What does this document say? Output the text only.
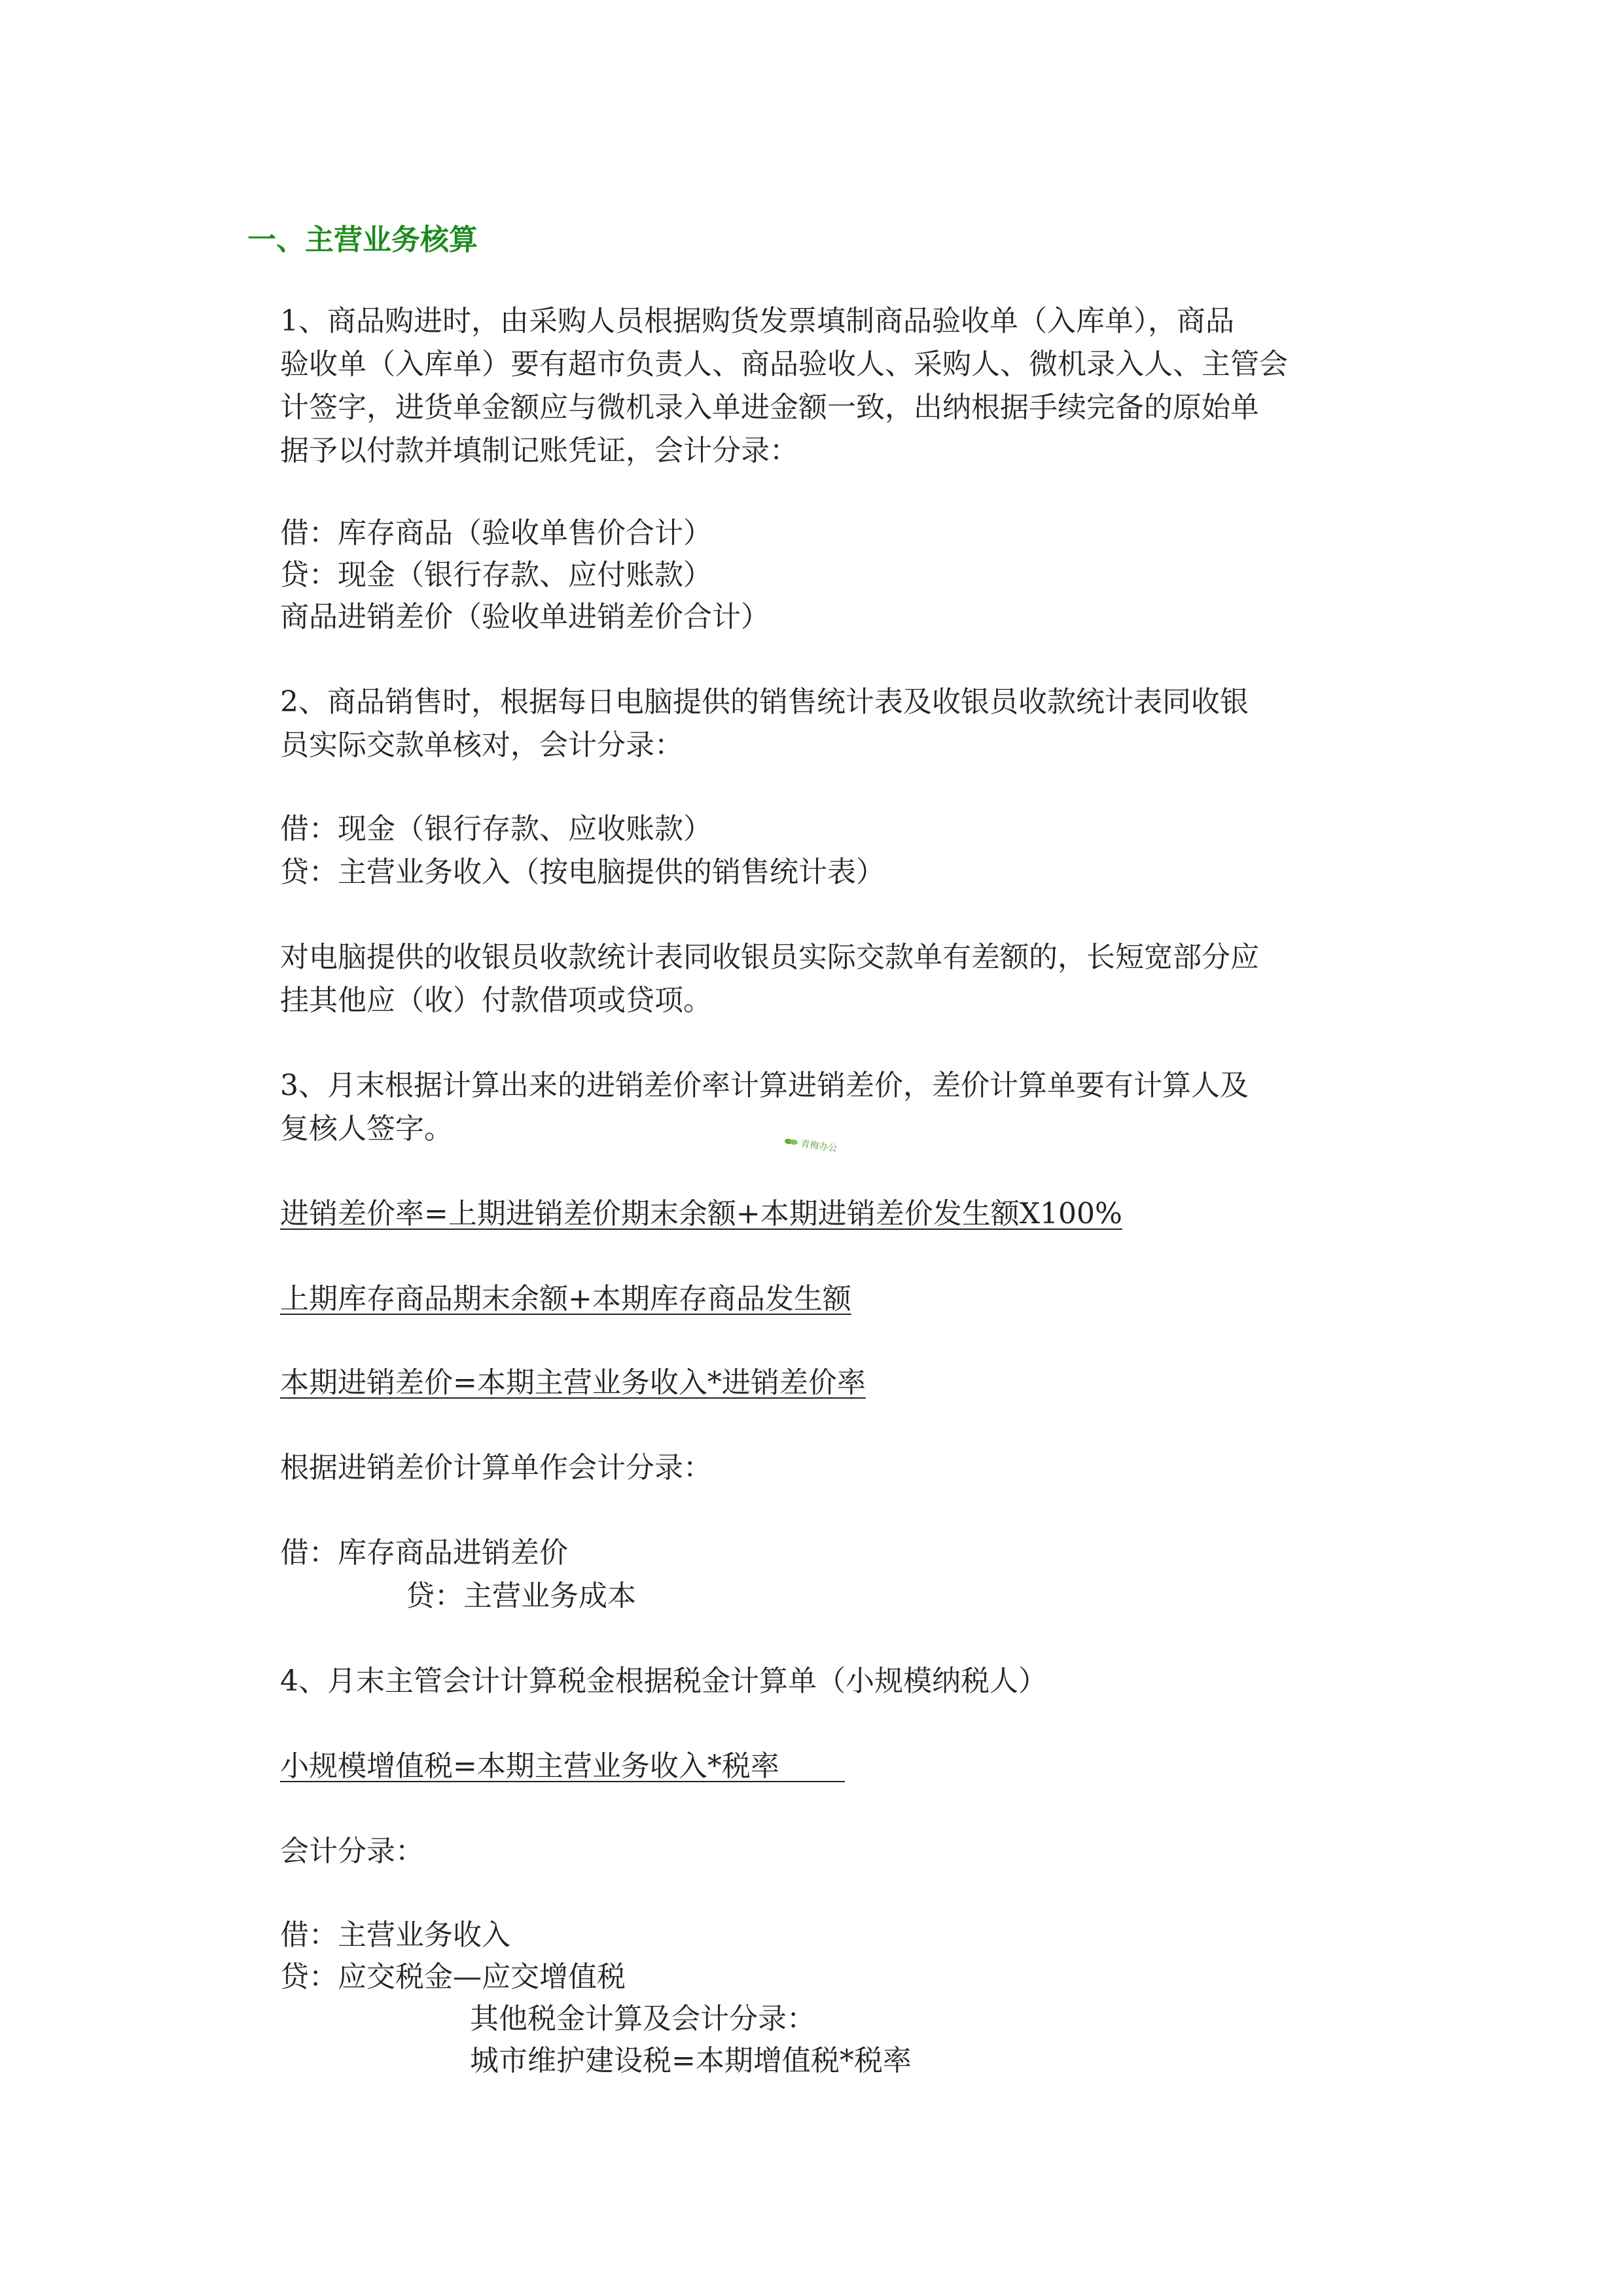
一、主营业务核算
1、商品购进时，由采购人员根据购货发票填制商品验收单（入库单），商品
验收单（入库单）要有超市负责人、商品验收人、采购人、微机录入人、主管会
计签字，进货单金额应与微机录入单进金额一致，出纳根据手续完备的原始单
据予以付款并填制记账凭证，会计分录：
借：库存商品（验收单售价合计）
贷：现金（银行存款、应付账款）
商品进销差价（验收单进销差价合计）
2、商品销售时，根据每日电脑提供的销售统计表及收银员收款统计表同收银
员实际交款单核对，会计分录：
借：现金（银行存款、应收账款）
贷：主营业务收入（按电脑提供的销售统计表）
对电脑提供的收银员收款统计表同收银员实际交款单有差额的，长短宽部分应
挂其他应（收）付款借项或贷项。
3、月末根据计算出来的进销差价率计算进销差价，差价计算单要有计算人及
复核人签字。
青梅办公
进销差价率=上期进销差价期末余额+本期进销差价发生额X100%
上期库存商品期末余额+本期库存商品发生额
本期进销差价=本期主营业务收入*进销差价率
根据进销差价计算单作会计分录：
借：库存商品进销差价
贷：主营业务成本
4、月末主管会计计算税金根据税金计算单（小规模纳税人）
小规模增值税=本期主营业务收入*税率
会计分录：
借：主营业务收入
贷：应交税金—应交增值税
其他税金计算及会计分录：
城市维护建设税=本期增值税*税率
